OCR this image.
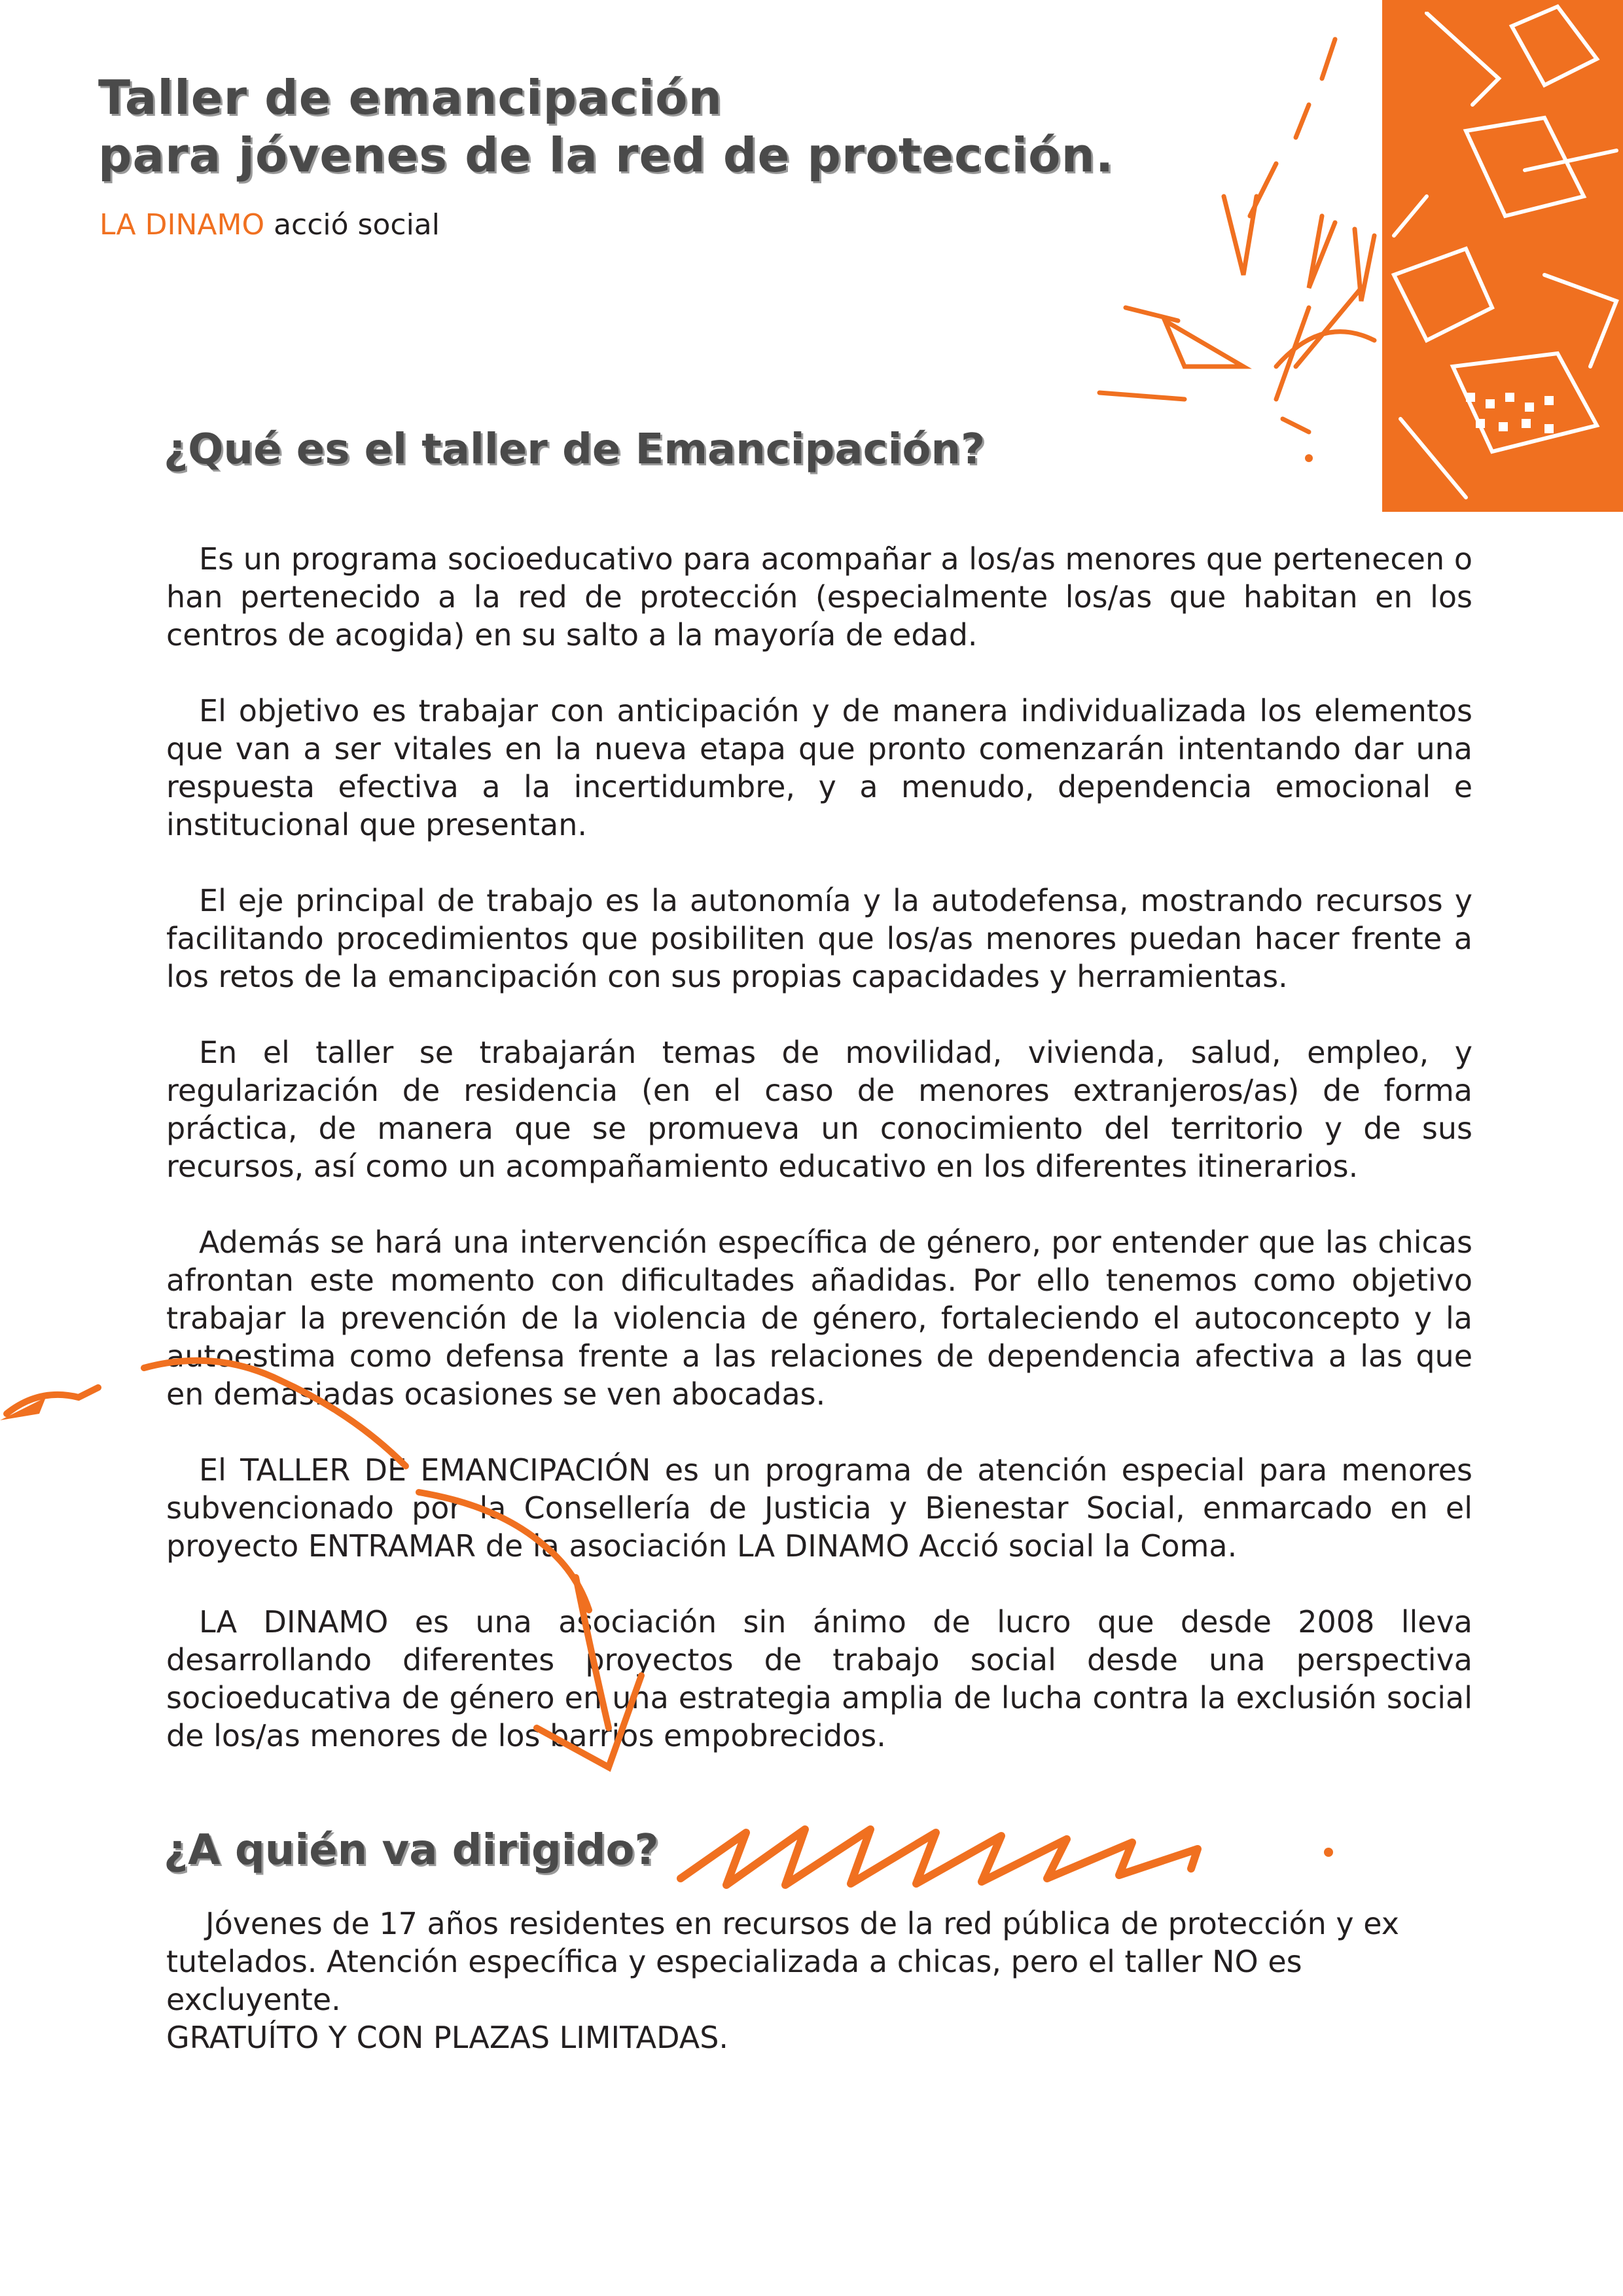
Taller de emancipación
para jóvenes de la red de protección.
LA DINAMO acció social
¿Qué es el taller de Emancipación?

Es un programa socioeducativo para acompañar a los/as menores que pertenecen o han pertenecido a la red de protección (especialmente los/as que habitan en los centros de acogida) en su salto a la mayoría de edad.

El objetivo es trabajar con anticipación y de manera individualizada los elementos que van a ser vitales en la nueva etapa que pronto comenzarán intentando dar una respuesta efectiva a la incertidumbre, y a menudo, dependencia emocional e institucional que presentan.

El eje principal de trabajo es la autonomía y la autodefensa, mostrando recursos y facilitando procedimientos que posibiliten que los/as menores puedan hacer frente a los retos de la emancipación con sus propias capacidades y herramientas.

En el taller se trabajarán temas de movilidad, vivienda, salud, empleo, y regularización de residencia (en el caso de menores extranjeros/as) de forma práctica, de manera que se promueva un conocimiento del territorio y de sus recursos, así como un acompañamiento educativo en los diferentes itinerarios.

Además se hará una intervención específica de género, por entender que las chicas afrontan este momento con dificultades añadidas. Por ello tenemos como objetivo trabajar la prevención de la violencia de género, fortaleciendo el autoconcepto y la autoestima como defensa frente a las relaciones de dependencia afectiva a las que en demasiadas ocasiones se ven abocadas.

El TALLER DE EMANCIPACIÓN es un programa de atención especial para menores subvencionado por la Consellería de Justicia y Bienestar Social, enmarcado en el proyecto ENTRAMAR de la asociación LA DINAMO Acció social la Coma.

LA DINAMO es una asociación sin ánimo de lucro que desde 2008 lleva desarrollando diferentes proyectos de trabajo social desde una perspectiva socioeducativa de género en una estrategia amplia de lucha contra la exclusión social de los/as menores de los barrios empobrecidos.

¿A quién va dirigido?

Jóvenes de 17 años residentes en recursos de la red pública de protección y ex tutelados. Atención específica y especializada a chicas, pero el taller NO es excluyente.

GRATUÍTO Y CON PLAZAS LIMITADAS.
